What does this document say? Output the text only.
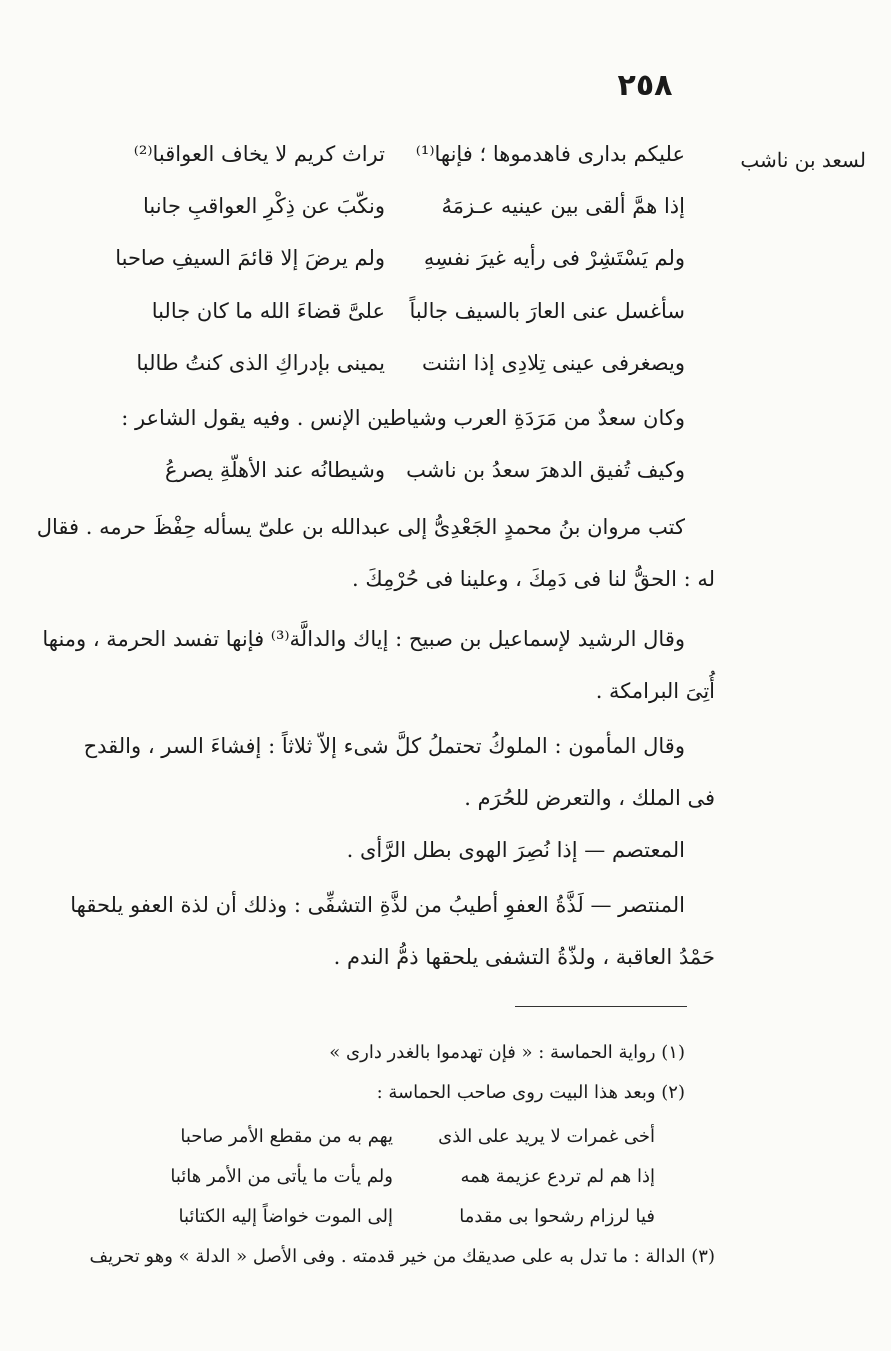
٢٥٨
لسعد بن ناشب
عليكم بدارى فاهدموها ؛ فإنها⁽¹⁾
تراث كريم لا يخاف العواقبا⁽²⁾
إذا همَّ ألقى بين عينيه عـزمَهُ
ونكّبَ عن ذِكْرِ العواقبِ جانبا
ولم يَسْتَشِرْ فى رأيه غيرَ نفسِهِ
ولم يرضَ إلا قائمَ السيفِ صاحبا
سأغسل عنى العارَ بالسيف جالباً
علىَّ قضاءَ الله ما كان جالبا
ويصغرفى عينى تِلادِى إذا انثنت
يمينى بإدراكِ الذى كنتُ طالبا
وكان سعدٌ من مَرَدَةِ العرب وشياطين الإنس . وفيه يقول الشاعر :
وكيف تُفيق الدهرَ سعدُ بن ناشب
وشيطانُه عند الأهلّةِ يصرعُ
كتب مروان بنُ محمدٍ الجَعْدِىُّ إلى عبدالله بن علىّ يسأله حِفْظَ حرمه . فقال
له : الحقُّ لنا فى دَمِكَ ، وعلينا فى حُرْمِكَ .
وقال الرشيد لإسماعيل بن صبيح : إياك والدالَّة⁽³⁾ فإنها تفسد الحرمة ، ومنها
أُتِىَ البرامكة .
وقال المأمون : الملوكُ تحتملُ كلَّ شىء إلاّ ثلاثاً : إفشاءَ السر ، والقدح
فى الملك ، والتعرض للحُرَم .
المعتصم — إذا نُصِرَ الهوى بطل الرَّأى .
المنتصر — لَذَّةُ العفوِ أطيبُ من لذَّةِ التشفِّى : وذلك أن لذة العفو يلحقها
حَمْدُ العاقبة ، ولذّةُ التشفى يلحقها ذمُّ الندم .
(١) رواية الحماسة : « فإن تهدموا بالغدر دارى »
(٢) وبعد هذا البيت روى صاحب الحماسة :
أخى غمرات لا يريد على الذى
يهم به من مقطع الأمر صاحبا
إذا هم لم تردع عزيمة همه
ولم يأت ما يأتى من الأمر هائبا
فيا لرزام رشحوا بى مقدما
إلى الموت خواضاً إليه الكتائبا
(٣) الدالة : ما تدل به على صديقك من خير قدمته . وفى الأصل « الدلة » وهو تحريف
